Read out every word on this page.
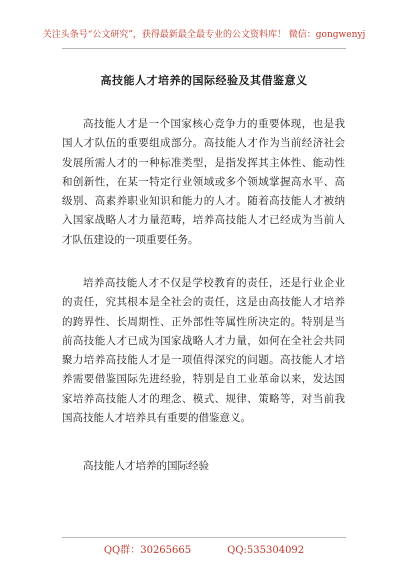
关注头条号“公文研究”，获得最新最全最专业的公文资料库！ 微信：gongwenyj
高技能人才培养的国际经验及其借鉴意义

高技能人才是一个国家核心竞争力的重要体现，也是我国人才队伍的重要组成部分。高技能人才作为当前经济社会发展所需人才的一种标准类型，是指发挥其主体性、能动性和创新性，在某一特定行业领域或多个领域掌握高水平、高级别、高素养职业知识和能力的人才。随着高技能人才被纳入国家战略人才力量范畴，培养高技能人才已经成为当前人才队伍建设的一项重要任务。

培养高技能人才不仅是学校教育的责任，还是行业企业的责任，究其根本是全社会的责任，这是由高技能人才培养的跨界性、长周期性、正外部性等属性所决定的。特别是当前高技能人才已成为国家战略人才力量，如何在全社会共同聚力培养高技能人才是一项值得深究的问题。高技能人才培养需要借鉴国际先进经验，特别是自工业革命以来，发达国家培养高技能人才的理念、模式、规律、策略等，对当前我国高技能人才培养具有重要的借鉴意义。

高技能人才培养的国际经验
QQ群：30265665	QQ:535304092
